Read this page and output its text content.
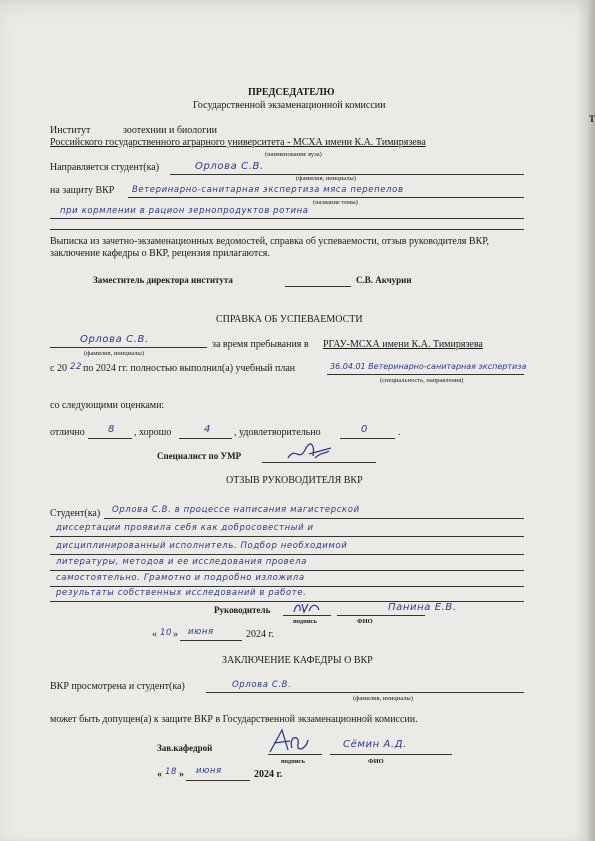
ПРЕДСЕДАТЕЛЮ
Государственной экзаменационной комиссии
Институт	зоотехнии и биологии
Российского государственного аграрного университета - МСХА имени К.А. Тимирязева
(наименование вуза)
Направляется студент(ка)	Орлова С.В.
(фамилия, инициалы)
на защиту ВКР Ветеринарно-санитарная экспертиза мяса перепелов
(название темы)
при кормлении в рацион зернопродуктов ротина
Выписка из зачетно-экзаменационных ведомостей, справка об успеваемости, отзыв руководителя ВКР,
заключение кафедры о ВКР, рецензия прилагаются.
Заместитель директора института	С.В. Акчурин
СПРАВКА ОБ УСПЕВАЕМОСТИ
Орлова С.В.
(фамилия, инициалы)
за время пребывания в РГАУ-МСХА имени К.А. Тимирязева
с 20 22 по 2024 гг. полностью выполнил(а) учебный план	36.04.01 Ветеринарно-санитарная экспертиза
(специальность, направления)
со следующими оценками:
отлично 8 , хорошо	4 , удовлетворительно	0	.
Специалист по УМР
ОТЗЫВ РУКОВОДИТЕЛЯ ВКР
Студент(ка) Орлова С.В. в процессе написания магистерской
диссертации проявила себя как добросовестный и
дисциплинированный исполнитель. Подбор необходимой
литературы, методов и ее исследования провела
самостоятельно. Грамотно и подробно изложила
результаты собственных исследований в работе.
Руководитель
подпись
Панина Е.В.
ФИО
« 10 » июня	2024 г.
ЗАКЛЮЧЕНИЕ КАФЕДРЫ О ВКР
ВКР просмотрена и студент(ка)	Орлова С.В.
(фамилия, инициалы)
может быть допущен(а) к защите ВКР в Государственной экзаменационной комиссии.
Зав.кафедрой
подпись
Сёмин А.Д.
ФИО
« 18 » июня	2024 г.
T
